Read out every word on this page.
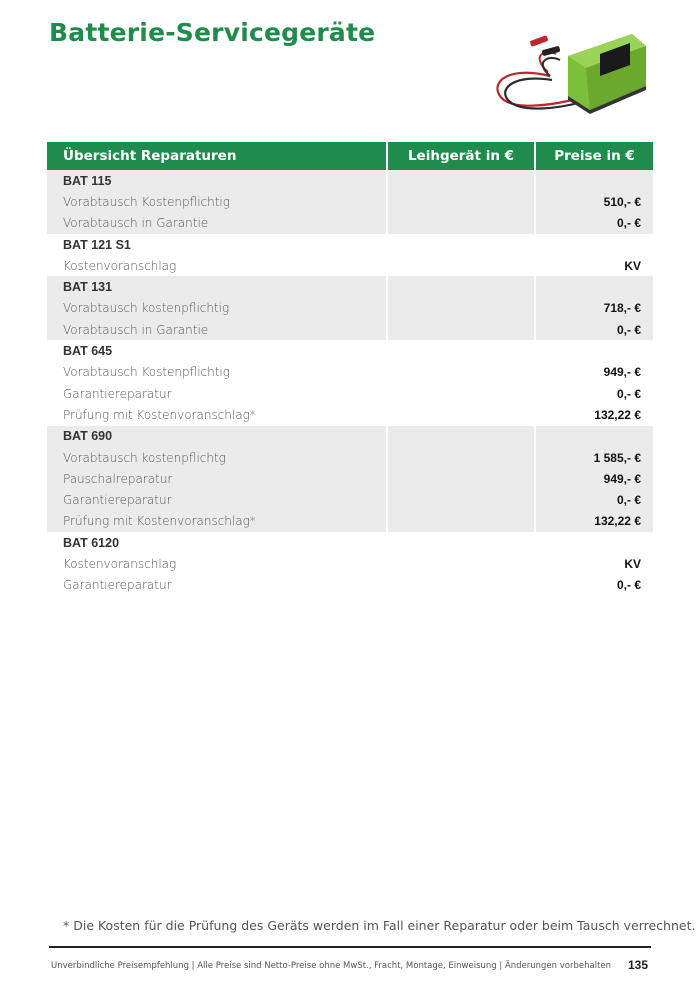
Batterie-Servicegeräte
Übersicht Reparaturen	Leihgerät in €	Preise in €
BAT 115		
Vorabtausch Kostenpflichtig		510,- €
Vorabtausch in Garantie		0,- €
BAT 121 S1		
Kostenvoranschlag		KV
BAT 131		
Vorabtausch kostenpflichtig		718,- €
Vorabtausch in Garantie		0,- €
BAT 645		
Vorabtausch Kostenpflichtig		949,- €
Garantiereparatur		0,- €
Prüfung mit Kostenvoranschlag*		132,22 €
BAT 690		
Vorabtausch kostenpflichtg		1 585,- €
Pauschalreparatur		949,- €
Garantiereparatur		0,- €
Prüfung mit Kostenvoranschlag*		132,22 €
BAT 6120		
Kostenvoranschlag		KV
Garantiereparatur		0,- €
* Die Kosten für die Prüfung des Geräts werden im Fall einer Reparatur oder beim Tausch verrechnet.
Unverbindliche Preisempfehlung | Alle Preise sind Netto-Preise ohne MwSt., Fracht, Montage, Einweisung | Änderungen vorbehalten 135
